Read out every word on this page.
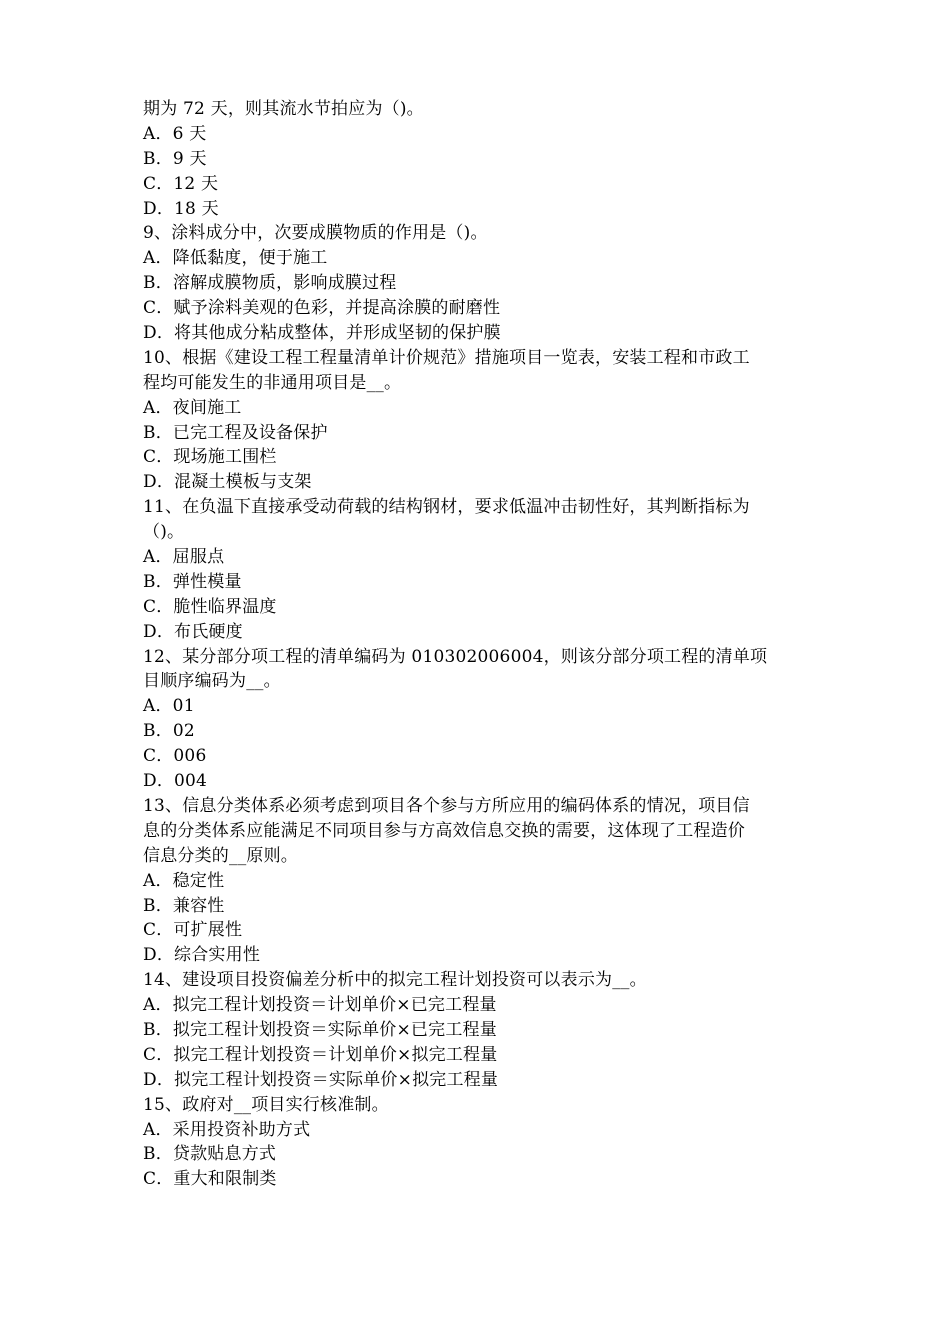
期为 72 天，则其流水节拍应为（)。
A．6 天
B．9 天
C．12 天
D．18 天
9、涂料成分中，次要成膜物质的作用是（)。
A．降低黏度，便于施工
B．溶解成膜物质，影响成膜过程
C．赋予涂料美观的色彩，并提高涂膜的耐磨性
D．将其他成分粘成整体，并形成坚韧的保护膜
10、根据《建设工程工程量清单计价规范》措施项目一览表，安装工程和市政工
程均可能发生的非通用项目是__。
A．夜间施工
B．已完工程及设备保护
C．现场施工围栏
D．混凝土模板与支架
11、在负温下直接承受动荷载的结构钢材，要求低温冲击韧性好，其判断指标为
（)。
A．屈服点
B．弹性模量
C．脆性临界温度
D．布氏硬度
12、某分部分项工程的清单编码为 010302006004，则该分部分项工程的清单项
目顺序编码为__。
A．01
B．02
C．006
D．004
13、信息分类体系必须考虑到项目各个参与方所应用的编码体系的情况，项目信
息的分类体系应能满足不同项目参与方高效信息交换的需要，这体现了工程造价
信息分类的__原则。
A．稳定性
B．兼容性
C．可扩展性
D．综合实用性
14、建设项目投资偏差分析中的拟完工程计划投资可以表示为__。
A．拟完工程计划投资＝计划单价×已完工程量
B．拟完工程计划投资＝实际单价×已完工程量
C．拟完工程计划投资＝计划单价×拟完工程量
D．拟完工程计划投资＝实际单价×拟完工程量
15、政府对__项目实行核准制。
A．采用投资补助方式
B．贷款贴息方式
C．重大和限制类
